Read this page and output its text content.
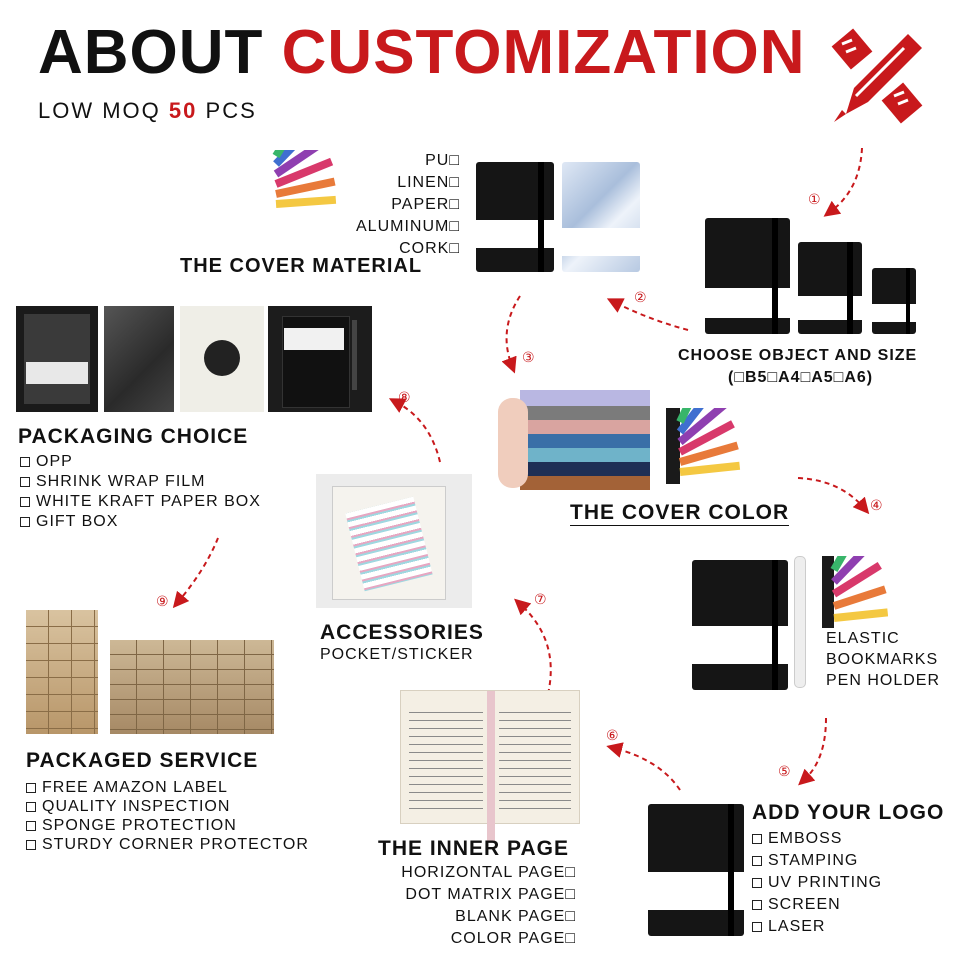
ABOUT CUSTOMIZATION
LOW MOQ 50 PCS
①
②
③
④
⑤
⑥
⑦
⑧
⑨
CHOOSE OBJECT AND SIZE
(□B5□A4□A5□A6)
PU□
LINEN□
PAPER□
ALUMINUM□
CORK□
THE COVER MATERIAL
THE COVER COLOR
ELASTIC
BOOKMARKS
PEN HOLDER
ADD YOUR LOGO
EMBOSS
STAMPING
UV PRINTING
SCREEN
LASER
THE INNER PAGE
HORIZONTAL PAGE□
DOT MATRIX PAGE□
BLANK PAGE□
COLOR PAGE□
ACCESSORIES
POCKET/STICKER
PACKAGING CHOICE
OPP
SHRINK WRAP FILM
WHITE KRAFT PAPER BOX
GIFT BOX
PACKAGED SERVICE
FREE AMAZON LABEL
QUALITY INSPECTION
SPONGE PROTECTION
STURDY CORNER PROTECTOR
